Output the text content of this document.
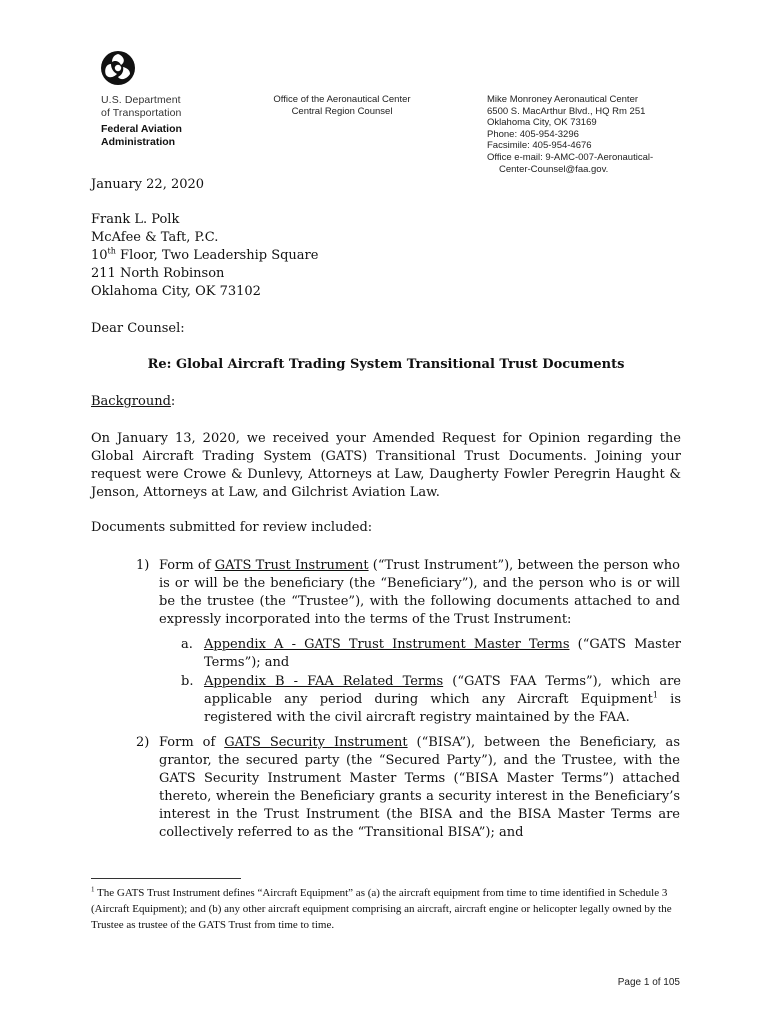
U.S. Department
of Transportation
Federal Aviation
Administration
Office of the Aeronautical Center
Central Region Counsel
Mike Monroney Aeronautical Center
6500 S. MacArthur Blvd., HQ Rm 251
Oklahoma City, OK 73169
Phone: 405-954-3296
Facsimile: 405-954-4676
Office e-mail: 9-AMC-007-Aeronautical-
Center-Counsel@faa.gov.
January 22, 2020
Frank L. Polk
McAfee & Taft, P.C.
10th Floor, Two Leadership Square
211 North Robinson
Oklahoma City, OK 73102
Dear Counsel:
Re: Global Aircraft Trading System Transitional Trust Documents
Background:
On January 13, 2020, we received your Amended Request for Opinion regarding the Global Aircraft Trading System (GATS) Transitional Trust Documents. Joining your request were Crowe & Dunlevy, Attorneys at Law, Daugherty Fowler Peregrin Haught & Jenson, Attorneys at Law, and Gilchrist Aviation Law.
Documents submitted for review included:
1) Form of GATS Trust Instrument (“Trust Instrument”), between the person who is or will be the beneficiary (the “Beneficiary”), and the person who is or will be the trustee (the “Trustee”), with the following documents attached to and expressly incorporated into the terms of the Trust Instrument:
a. Appendix A - GATS Trust Instrument Master Terms (“GATS Master Terms”); and
b. Appendix B - FAA Related Terms (“GATS FAA Terms”), which are applicable any period during which any Aircraft Equipment$^1$ is registered with the civil aircraft registry maintained by the FAA.
2) Form of GATS Security Instrument (“BISA”), between the Beneficiary, as grantor, the secured party (the “Secured Party”), and the Trustee, with the GATS Security Instrument Master Terms (“BISA Master Terms”) attached thereto, wherein the Beneficiary grants a security interest in the Beneficiary’s interest in the Trust Instrument (the BISA and the BISA Master Terms are collectively referred to as the “Transitional BISA”); and
$^1$ The GATS Trust Instrument defines “Aircraft Equipment” as (a) the aircraft equipment from time to time identified in Schedule 3 (Aircraft Equipment); and (b) any other aircraft equipment comprising an aircraft, aircraft engine or helicopter legally owned by the Trustee as trustee of the GATS Trust from time to time.
Page 1 of 105
